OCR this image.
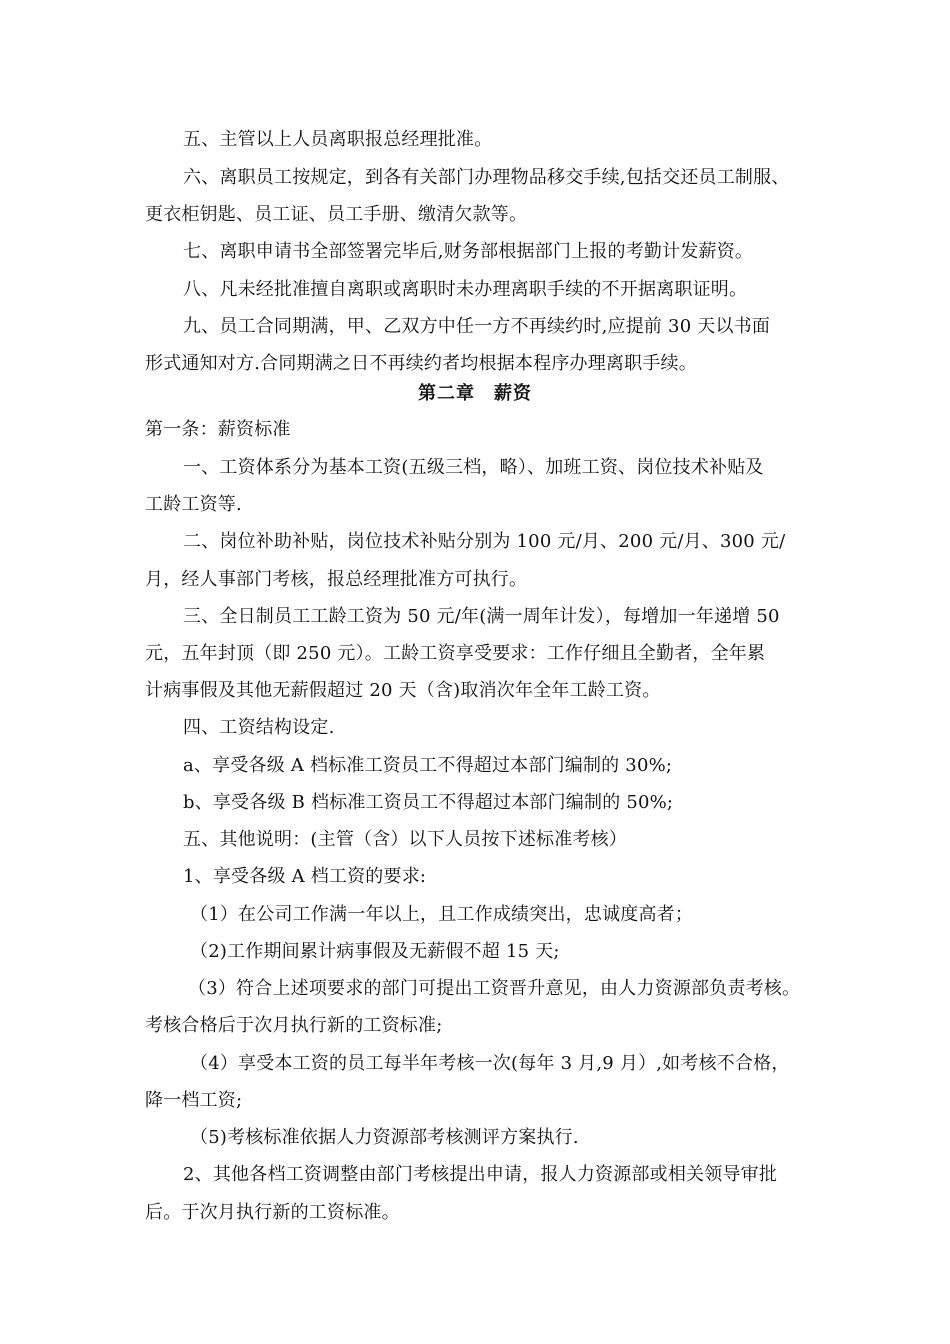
五、主管以上人员离职报总经理批准。
六、离职员工按规定，到各有关部门办理物品移交手续,包括交还员工制服、
更衣柜钥匙、员工证、员工手册、缴清欠款等。
七、离职申请书全部签署完毕后,财务部根据部门上报的考勤计发薪资。
八、凡未经批准擅自离职或离职时未办理离职手续的不开据离职证明。
九、员工合同期满，甲、乙双方中任一方不再续约时,应提前 30 天以书面
形式通知对方.合同期满之日不再续约者均根据本程序办理离职手续。
第二章　薪资
第一条：薪资标准
一、工资体系分为基本工资(五级三档，略）、加班工资、岗位技术补贴及
工龄工资等.
二、岗位补助补贴，岗位技术补贴分别为 100 元/月、200 元/月、300 元/
月，经人事部门考核，报总经理批准方可执行。
三、全日制员工工龄工资为 50 元/年(满一周年计发），每增加一年递增 50
元，五年封顶（即 250 元）。工龄工资享受要求：工作仔细且全勤者，全年累
计病事假及其他无薪假超过 20 天（含)取消次年全年工龄工资。
四、工资结构设定.
a、享受各级 A 档标准工资员工不得超过本部门编制的 30%;
b、享受各级 B 档标准工资员工不得超过本部门编制的 50%;
五、其他说明：(主管（含）以下人员按下述标准考核）
1、享受各级 A 档工资的要求:
（1）在公司工作满一年以上，且工作成绩突出，忠诚度高者；
（2)工作期间累计病事假及无薪假不超 15 天;
（3）符合上述项要求的部门可提出工资晋升意见，由人力资源部负责考核。
考核合格后于次月执行新的工资标准;
（4）享受本工资的员工每半年考核一次(每年 3 月,9 月）,如考核不合格，
降一档工资;
（5)考核标准依据人力资源部考核测评方案执行.
2、其他各档工资调整由部门考核提出申请，报人力资源部或相关领导审批
后。于次月执行新的工资标准。
